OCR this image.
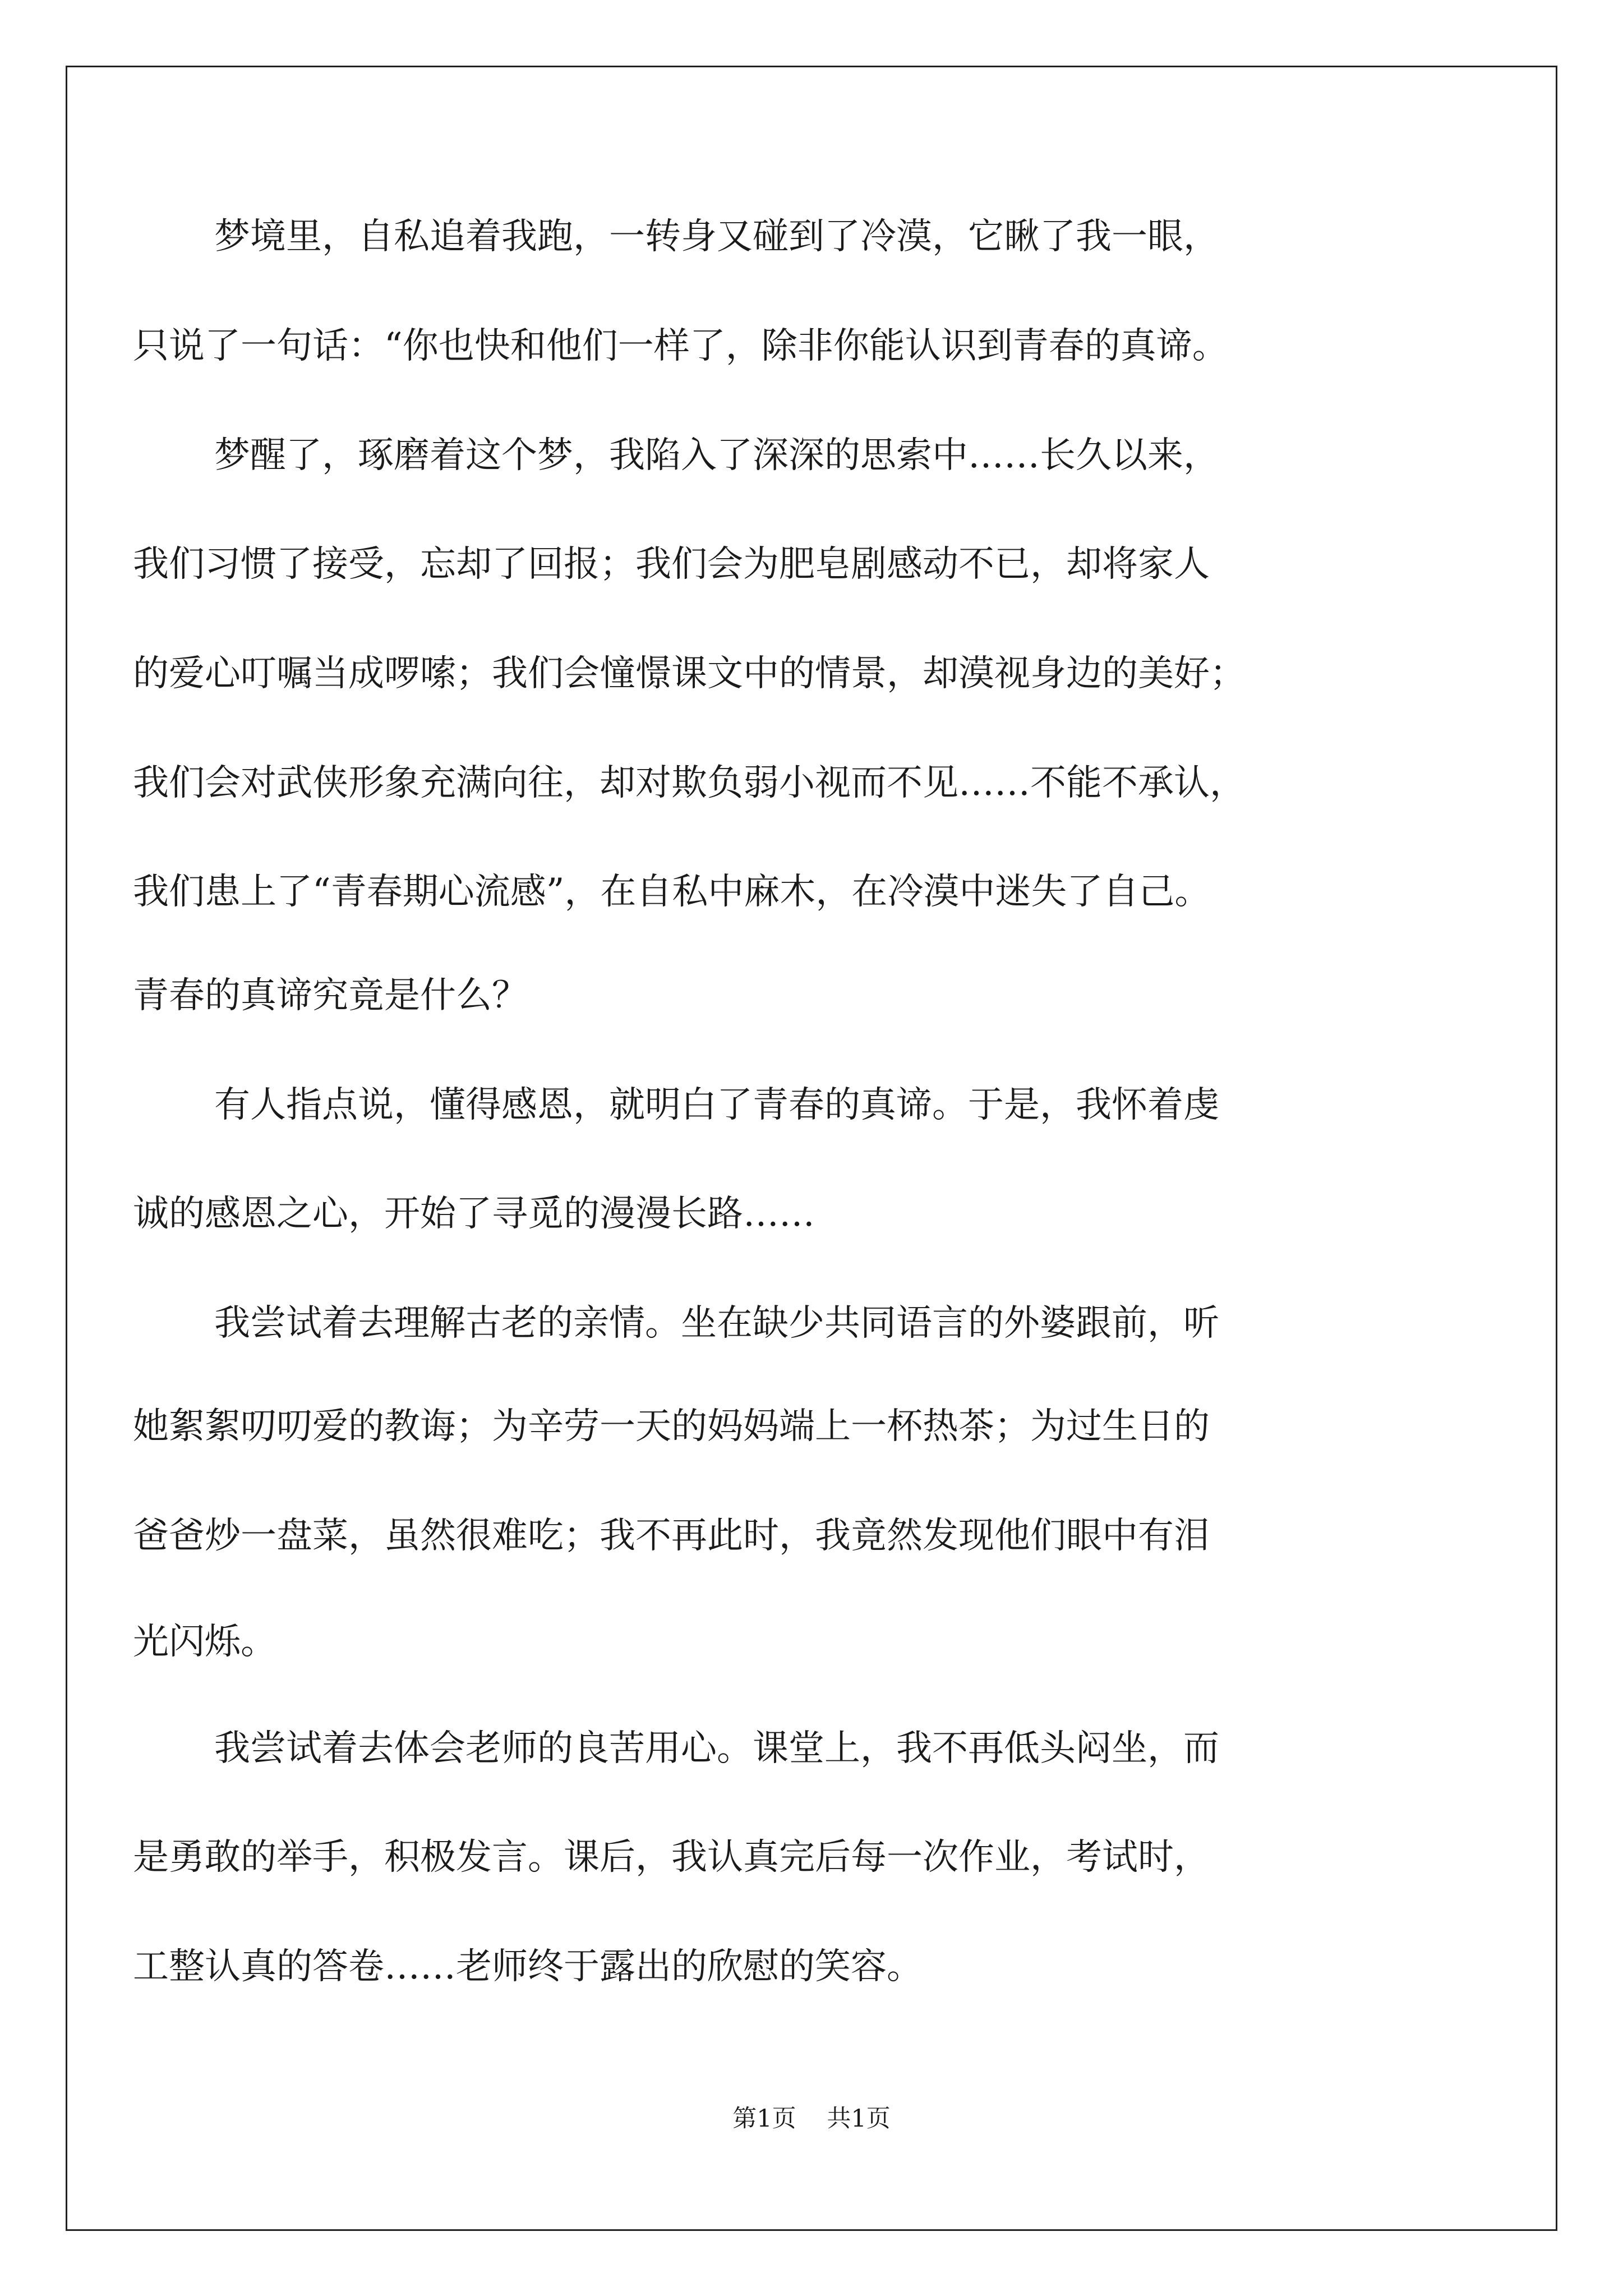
梦境里，自私追着我跑，一转身又碰到了冷漠，它瞅了我一眼，
只说了一句话：“你也快和他们一样了，除非你能认识到青春的真谛。
梦醒了，琢磨着这个梦，我陷入了深深的思索中……长久以来，
我们习惯了接受，忘却了回报；我们会为肥皂剧感动不已，却将家人
的爱心叮嘱当成啰嗦；我们会憧憬课文中的情景，却漠视身边的美好；
我们会对武侠形象充满向往，却对欺负弱小视而不见……不能不承认，
我们患上了“青春期心流感”，在自私中麻木，在冷漠中迷失了自己。
青春的真谛究竟是什么？
有人指点说，懂得感恩，就明白了青春的真谛。于是，我怀着虔
诚的感恩之心，开始了寻觅的漫漫长路……
我尝试着去理解古老的亲情。坐在缺少共同语言的外婆跟前，听
她絮絮叨叨爱的教诲；为辛劳一天的妈妈端上一杯热茶；为过生日的
爸爸炒一盘菜，虽然很难吃；我不再此时，我竟然发现他们眼中有泪
光闪烁。
我尝试着去体会老师的良苦用心。课堂上，我不再低头闷坐，而
是勇敢的举手，积极发言。课后，我认真完后每一次作业，考试时，
工整认真的答卷……老师终于露出的欣慰的笑容。
第1页 共1页
